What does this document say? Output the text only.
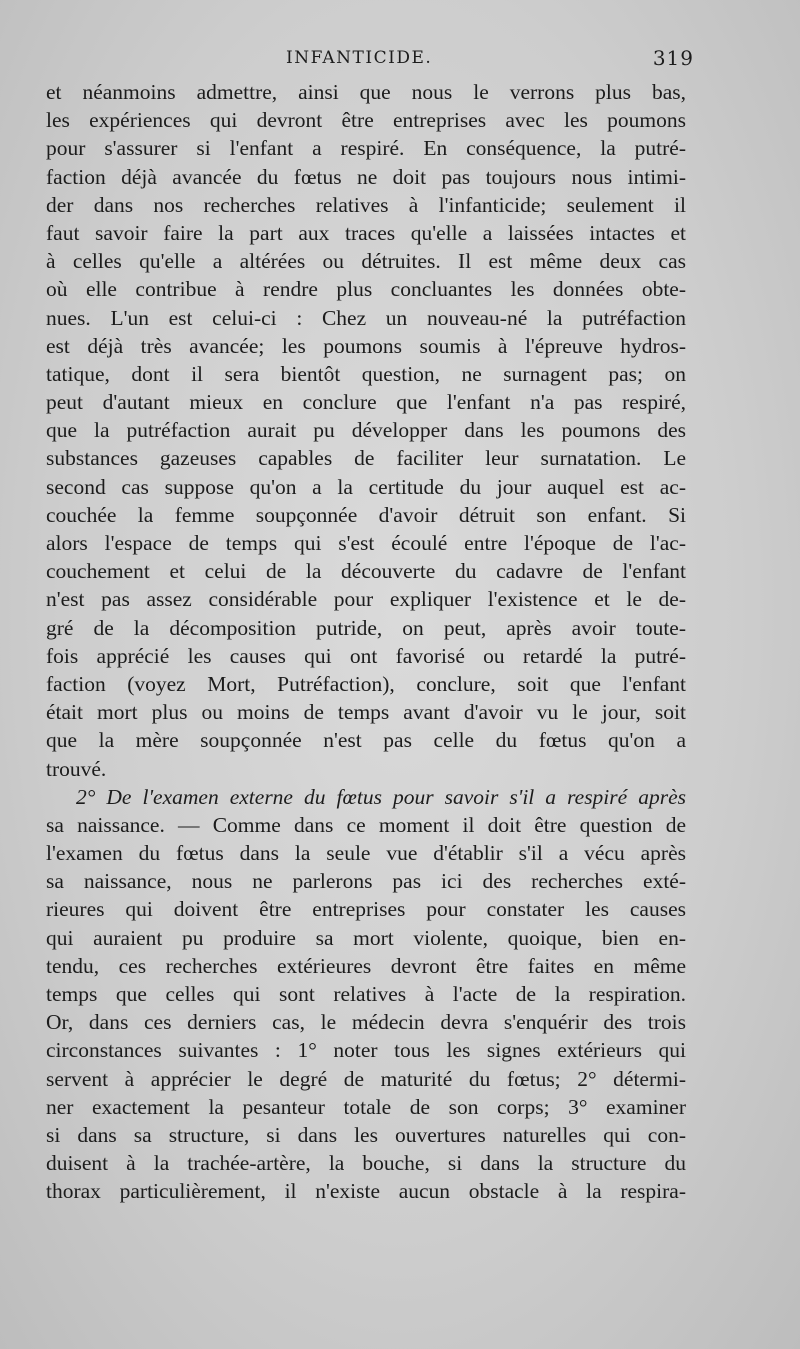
INFANTICIDE.	319
et néanmoins admettre, ainsi que nous le verrons plus bas,
les expériences qui devront être entreprises avec les poumons
pour s'assurer si l'enfant a respiré. En conséquence, la putré-
faction déjà avancée du fœtus ne doit pas toujours nous intimi-
der dans nos recherches relatives à l'infanticide; seulement il
faut savoir faire la part aux traces qu'elle a laissées intactes et
à celles qu'elle a altérées ou détruites. Il est même deux cas
où elle contribue à rendre plus concluantes les données obte-
nues. L'un est celui-ci : Chez un nouveau-né la putréfaction
est déjà très avancée; les poumons soumis à l'épreuve hydros-
tatique, dont il sera bientôt question, ne surnagent pas; on
peut d'autant mieux en conclure que l'enfant n'a pas respiré,
que la putréfaction aurait pu développer dans les poumons des
substances gazeuses capables de faciliter leur surnatation. Le
second cas suppose qu'on a la certitude du jour auquel est ac-
couchée la femme soupçonnée d'avoir détruit son enfant. Si
alors l'espace de temps qui s'est écoulé entre l'époque de l'ac-
couchement et celui de la découverte du cadavre de l'enfant
n'est pas assez considérable pour expliquer l'existence et le de-
gré de la décomposition putride, on peut, après avoir toute-
fois apprécié les causes qui ont favorisé ou retardé la putré-
faction (voyez Mort, Putréfaction), conclure, soit que l'enfant
était mort plus ou moins de temps avant d'avoir vu le jour, soit
que la mère soupçonnée n'est pas celle du fœtus qu'on a
trouvé.
2° De l'examen externe du fœtus pour savoir s'il a respiré après
sa naissance. — Comme dans ce moment il doit être question de
l'examen du fœtus dans la seule vue d'établir s'il a vécu après
sa naissance, nous ne parlerons pas ici des recherches exté-
rieures qui doivent être entreprises pour constater les causes
qui auraient pu produire sa mort violente, quoique, bien en-
tendu, ces recherches extérieures devront être faites en même
temps que celles qui sont relatives à l'acte de la respiration.
Or, dans ces derniers cas, le médecin devra s'enquérir des trois
circonstances suivantes : 1° noter tous les signes extérieurs qui
servent à apprécier le degré de maturité du fœtus; 2° détermi-
ner exactement la pesanteur totale de son corps; 3° examiner
si dans sa structure, si dans les ouvertures naturelles qui con-
duisent à la trachée-artère, la bouche, si dans la structure du
thorax particulièrement, il n'existe aucun obstacle à la respira-
